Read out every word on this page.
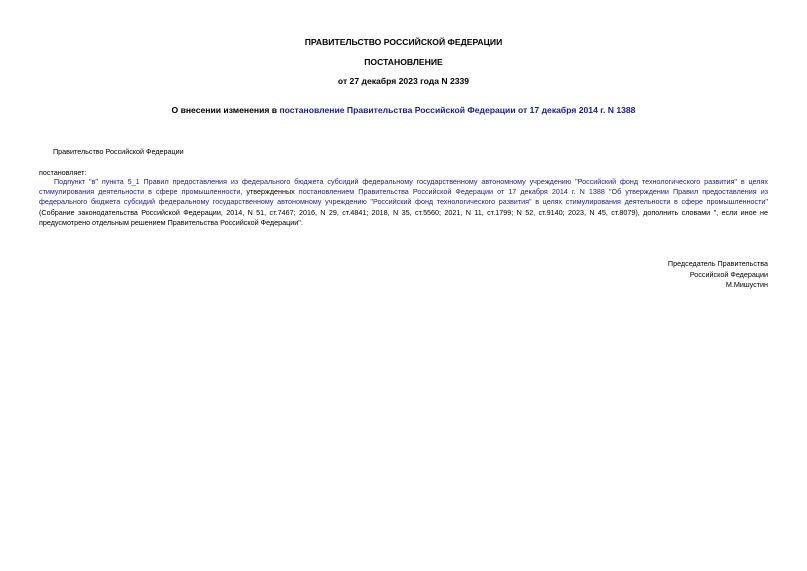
ПРАВИТЕЛЬСТВО РОССИЙСКОЙ ФЕДЕРАЦИИ
ПОСТАНОВЛЕНИЕ
от 27 декабря 2023 года N 2339
О внесении изменения в постановление Правительства Российской Федерации от 17 декабря 2014 г. N 1388
Правительство Российской Федерации
постановляет:
Подпункт "в" пункта 5_1 Правил предоставления из федерального бюджета субсидий федеральному государственному автономному учреждению "Российский фонд технологического развития" в целях стимулирования деятельности в сфере промышленности, утвержденных постановлением Правительства Российской Федерации от 17 декабря 2014 г. N 1388 "Об утверждении Правил предоставления из федерального бюджета субсидий федеральному государственному автономному учреждению "Российский фонд технологического развития" в целях стимулирования деятельности в сфере промышленности" (Собрание законодательства Российской Федерации, 2014, N 51, ст.7467; 2016, N 29, ст.4841; 2018, N 35, ст.5560; 2021, N 11, ст.1799; N 52, ст.9140; 2023, N 45, ст.8079), дополнить словами ", если иное не предусмотрено отдельным решением Правительства Российской Федерации".
Председатель Правительства
Российской Федерации
М.Мишустин
